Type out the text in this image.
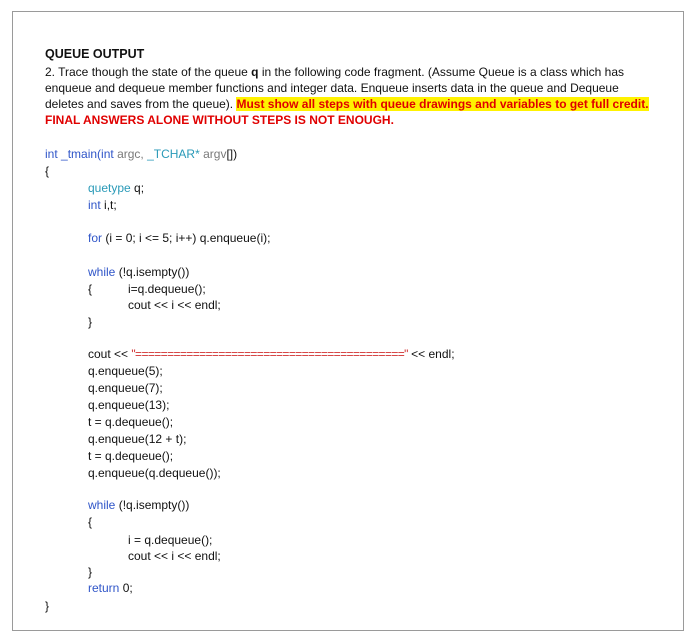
QUEUE OUTPUT
2. Trace though the state of the queue q in the following code fragment. (Assume Queue is a class which has
enqueue and dequeue member functions and integer data. Enqueue inserts data in the queue and Dequeue
deletes and saves from the queue). Must show all steps with queue drawings and variables to get full credit.
FINAL ANSWERS ALONE WITHOUT STEPS IS NOT ENOUGH.
int _tmain(int argc, _TCHAR* argv[])
{
quetype q;
int i,t;
for (i = 0; i <= 5; i++) q.enqueue(i);
while (!q.isempty())
{	i=q.dequeue();
cout << i << endl;
}
cout << "==========================================" << endl;
q.enqueue(5);
q.enqueue(7);
q.enqueue(13);
t = q.dequeue();
q.enqueue(12 + t);
t = q.dequeue();
q.enqueue(q.dequeue());
while (!q.isempty())
{
i = q.dequeue();
cout << i << endl;
}
return 0;
}
